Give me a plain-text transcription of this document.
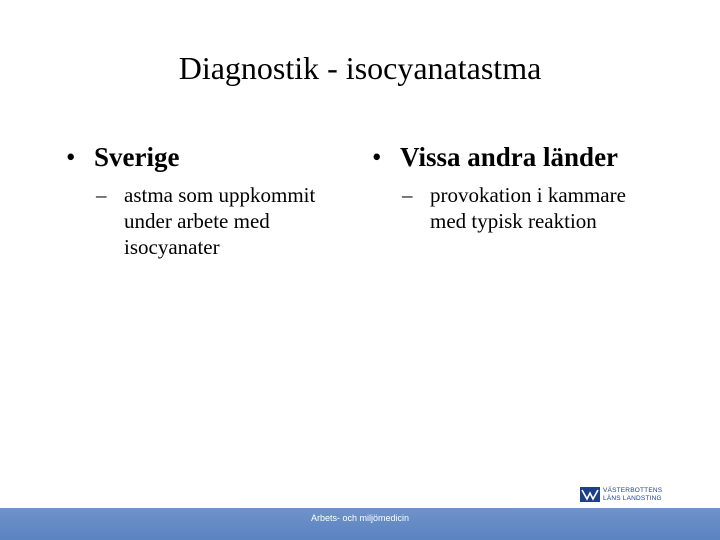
Diagnostik - isocyanatastma
• Sverige
– astma som uppkommit
under arbete med
isocyanater
• Vissa andra länder
– provokation i kammare
med typisk reaktion
VÄSTERBOTTENS
LÄNS LANDSTING
Arbets- och miljömedicin
